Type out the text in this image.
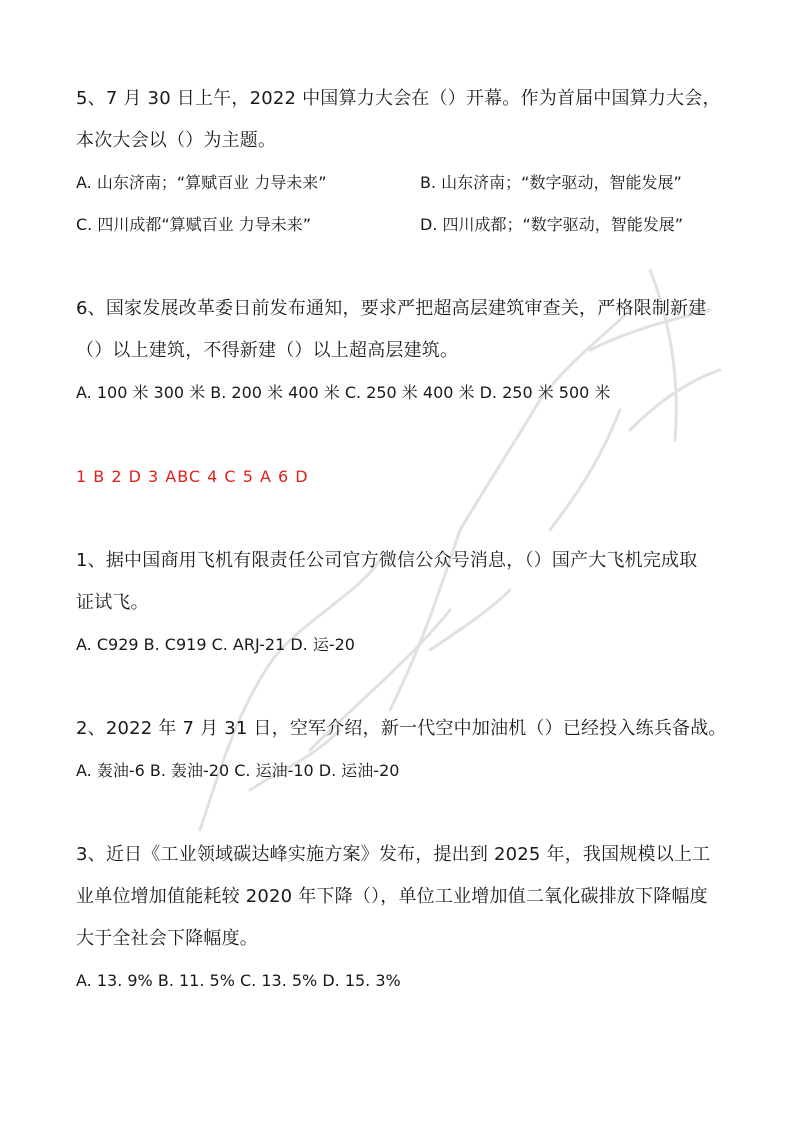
5、7 月 30 日上午，2022 中国算力大会在（）开幕。作为首届中国算力大会，
本次大会以（）为主题。
A. 山东济南；“算赋百业 力导未来”	B. 山东济南；“数字驱动，智能发展”
C. 四川成都“算赋百业 力导未来”	D. 四川成都；“数字驱动，智能发展”
6、国家发展改革委日前发布通知，要求严把超高层建筑审查关，严格限制新建
（）以上建筑，不得新建（）以上超高层建筑。
A. 100 米 300 米 B. 200 米 400 米 C. 250 米 400 米 D. 250 米 500 米
1 B 2 D 3 ABC 4 C 5 A 6 D
1、据中国商用飞机有限责任公司官方微信公众号消息，（）国产大飞机完成取
证试飞。
A. C929 B. C919 C. ARJ-21 D. 运-20
2、2022 年 7 月 31 日，空军介绍，新一代空中加油机（）已经投入练兵备战。
A. 轰油-6 B. 轰油-20 C. 运油-10 D. 运油-20
3、近日《工业领域碳达峰实施方案》发布，提出到 2025 年，我国规模以上工
业单位增加值能耗较 2020 年下降（），单位工业增加值二氧化碳排放下降幅度
大于全社会下降幅度。
A. 13. 9% B. 11. 5% C. 13. 5% D. 15. 3%
